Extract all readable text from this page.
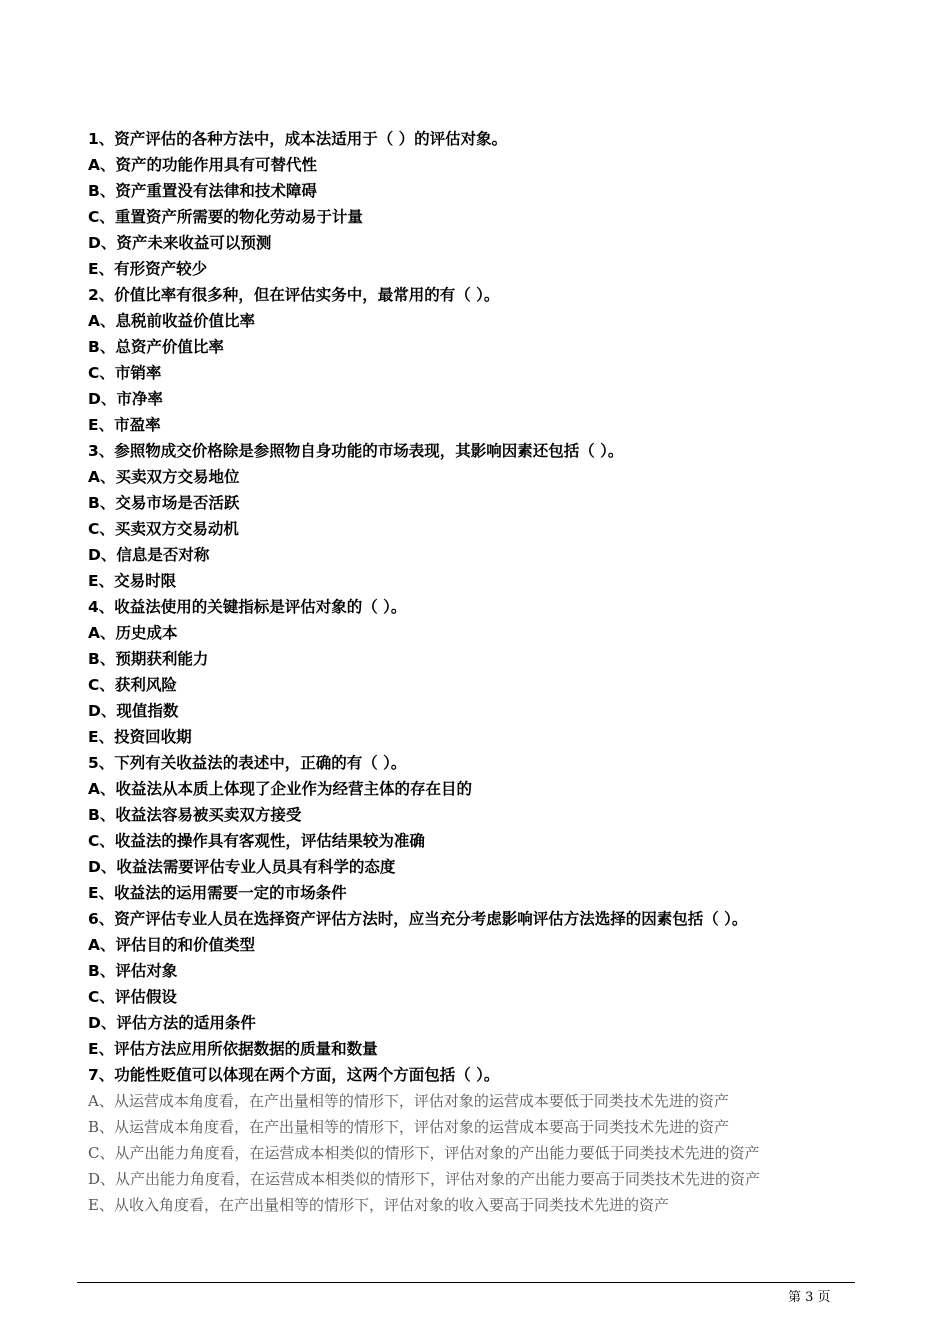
1、资产评估的各种方法中，成本法适用于（ ）的评估对象。
A、资产的功能作用具有可替代性
B、资产重置没有法律和技术障碍
C、重置资产所需要的物化劳动易于计量
D、资产未来收益可以预测
E、有形资产较少
2、价值比率有很多种，但在评估实务中，最常用的有（ ）。
A、息税前收益价值比率
B、总资产价值比率
C、市销率
D、市净率
E、市盈率
3、参照物成交价格除是参照物自身功能的市场表现，其影响因素还包括（ ）。
A、买卖双方交易地位
B、交易市场是否活跃
C、买卖双方交易动机
D、信息是否对称
E、交易时限
4、收益法使用的关键指标是评估对象的（ ）。
A、历史成本
B、预期获利能力
C、获利风险
D、现值指数
E、投资回收期
5、下列有关收益法的表述中，正确的有（ ）。
A、收益法从本质上体现了企业作为经营主体的存在目的
B、收益法容易被买卖双方接受
C、收益法的操作具有客观性，评估结果较为准确
D、收益法需要评估专业人员具有科学的态度
E、收益法的运用需要一定的市场条件
6、资产评估专业人员在选择资产评估方法时，应当充分考虑影响评估方法选择的因素包括（ ）。
A、评估目的和价值类型
B、评估对象
C、评估假设
D、评估方法的适用条件
E、评估方法应用所依据数据的质量和数量
7、功能性贬值可以体现在两个方面，这两个方面包括（ ）。
A、从运营成本角度看，在产出量相等的情形下，评估对象的运营成本要低于同类技术先进的资产
B、从运营成本角度看，在产出量相等的情形下，评估对象的运营成本要高于同类技术先进的资产
C、从产出能力角度看，在运营成本相类似的情形下，评估对象的产出能力要低于同类技术先进的资产
D、从产出能力角度看，在运营成本相类似的情形下，评估对象的产出能力要高于同类技术先进的资产
E、从收入角度看，在产出量相等的情形下，评估对象的收入要高于同类技术先进的资产
第 3 页
